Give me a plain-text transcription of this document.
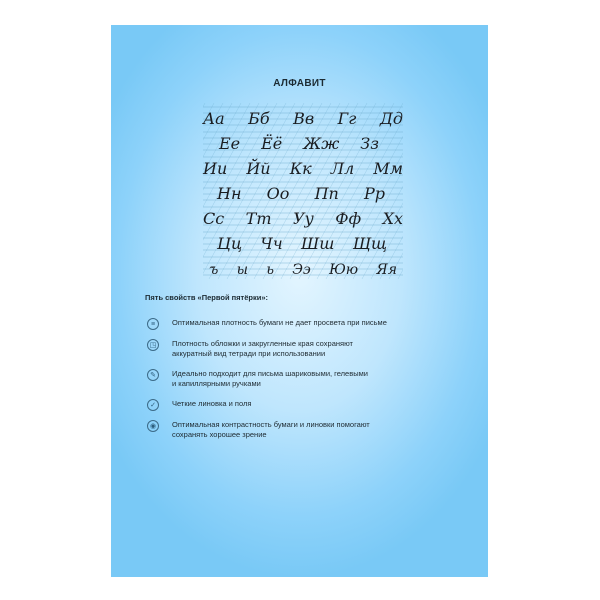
АЛФАВИТ
Аа Бб Вв Гг Дд
Ее Ёё Жж Зз
Ии Йй Кк Лл Мм
Нн Оо Пп Рр
Сс Тт Уу Фф Хх
Цц Чч Шш Щщ
ъ ы ь Ээ Юю Яя
Пять свойств «Первой пятёрки»:
≡	Оптимальная плотность бумаги не дает просвета при письме
◳	Плотность обложки и закругленные края сохраняют
аккуратный вид тетради при использовании
✎	Идеально подходит для письма шариковыми, гелевыми
и капиллярными ручками
✓	Четкие линовка и поля
◉	Оптимальная контрастность бумаги и линовки помогают
сохранять хорошее зрение
